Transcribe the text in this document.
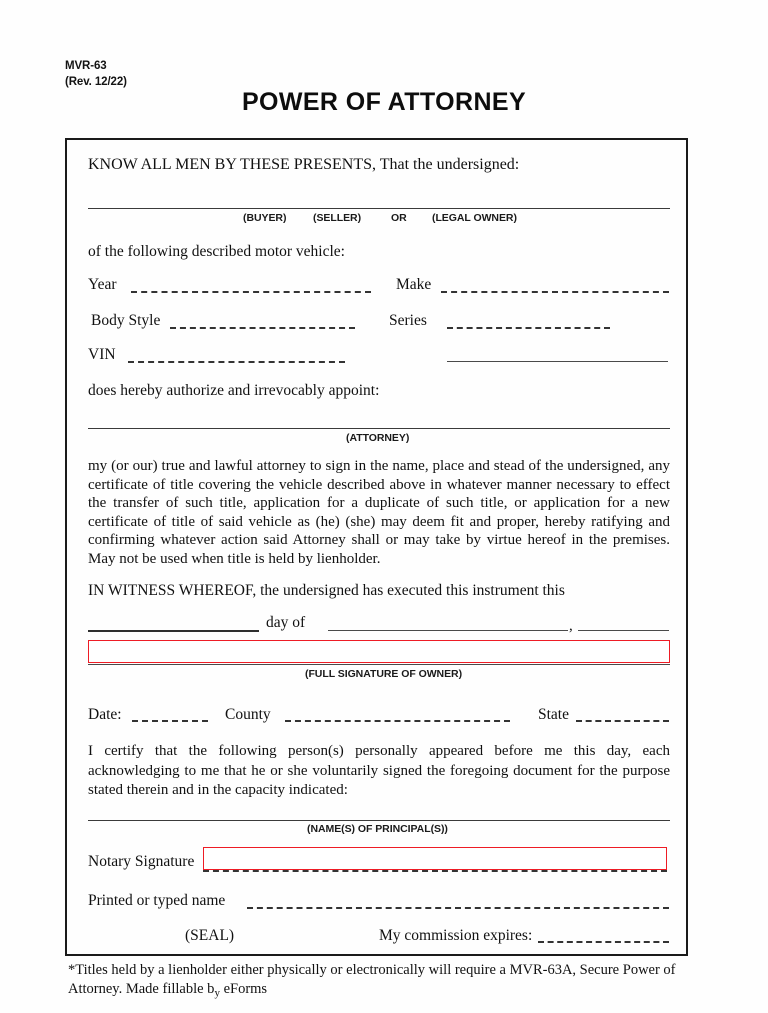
MVR-63
(Rev. 12/22)
POWER OF ATTORNEY
KNOW ALL MEN BY THESE PRESENTS, That the undersigned:
(BUYER)	(SELLER)	OR (LEGAL OWNER)
of the following described motor vehicle:
Year	Make
Body Style	Series
VIN
does hereby authorize and irrevocably appoint:
(ATTORNEY)
my (or our) true and lawful attorney to sign in the name, place and stead of the undersigned, any certificate of title covering the vehicle described above in whatever manner necessary to effect the transfer of such title, application for a duplicate of such title, or application for a new certificate of title of said vehicle as (he) (she) may deem fit and proper, hereby ratifying and confirming whatever action said Attorney shall or may take by virtue hereof in the premises. May not be used when title is held by lienholder.
IN WITNESS WHEREOF, the undersigned has executed this instrument this
day of	,
(FULL SIGNATURE OF OWNER)
Date:	County	State
I certify that the following person(s) personally appeared before me this day, each acknowledging to me that he or she voluntarily signed the foregoing document for the purpose stated therein and in the capacity indicated:
(NAME(S) OF PRINCIPAL(S))
Notary Signature
Printed or typed name
(SEAL)	My commission expires:
*Titles held by a lienholder either physically or electronically will require a MVR-63A, Secure Power of Attorney. Made fillable $b_y$ eForms
